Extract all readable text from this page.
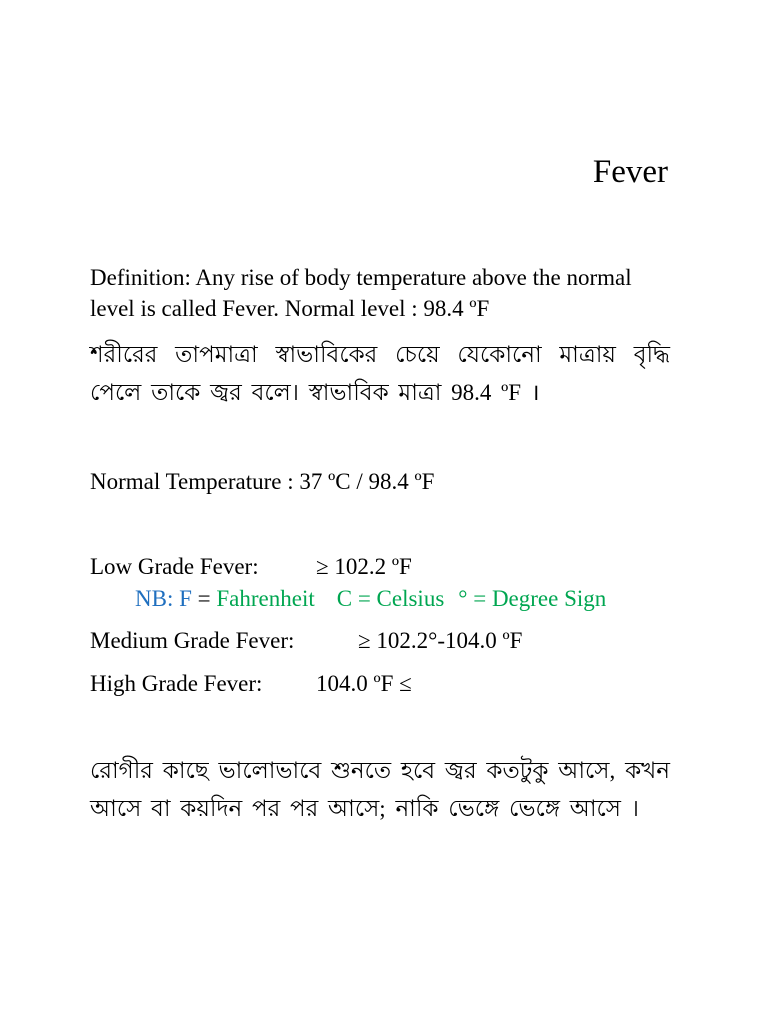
Fever
Definition: Any rise of body temperature above the normal level is called Fever. Normal level : 98.4 ºF
শরীরের তাপমাত্রা স্বাভাবিকের চেয়ে যেকোনো মাত্রায় বৃদ্ধি পেলে তাকে জ্বর বলে। স্বাভাবিক মাত্রা 98.4 ºF ।
Normal Temperature : 37 ºC / 98.4 ºF
Low Grade Fever: ≥ 102.2 ºF
NB: F = Fahrenheit C = Celsius ° = Degree Sign
Medium Grade Fever:	≥ 102.2°-104.0 ºF
High Grade Fever: 104.0 ºF ≤
রোগীর কাছে ভালোভাবে শুনতে হবে জ্বর কতটুকু আসে, কখন আসে বা কয়দিন পর পর আসে; নাকি ভেঙ্গে ভেঙ্গে আসে ।
